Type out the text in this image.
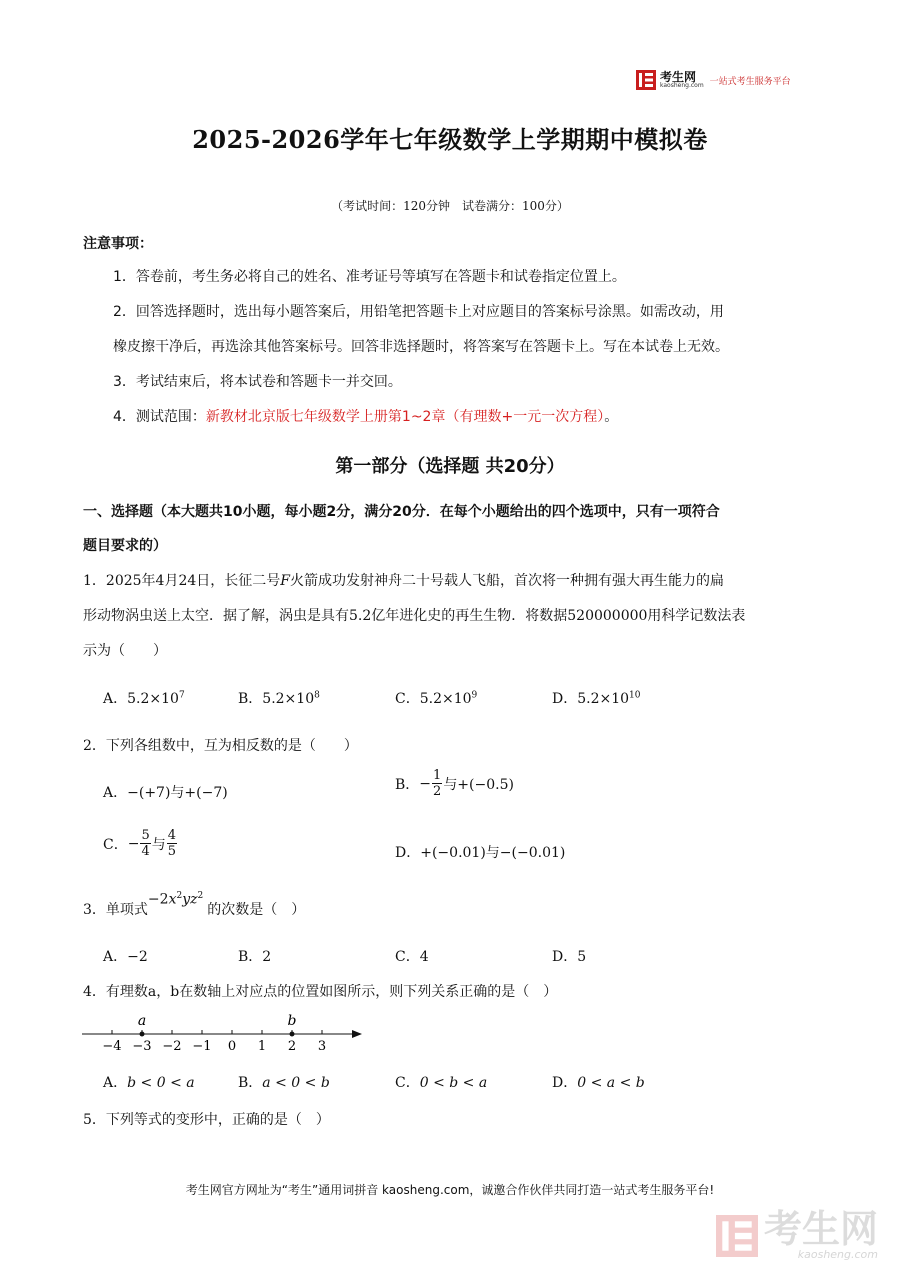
考生网
kaosheng.com 一站式考生服务平台
2025-2026学年七年级数学上学期期中模拟卷
（考试时间：120分钟　试卷满分：100分）
注意事项：
1．答卷前，考生务必将自己的姓名、准考证号等填写在答题卡和试卷指定位置上。
2．回答选择题时，选出每小题答案后，用铅笔把答题卡上对应题目的答案标号涂黑。如需改动，用
橡皮擦干净后，再选涂其他答案标号。回答非选择题时，将答案写在答题卡上。写在本试卷上无效。
3．考试结束后，将本试卷和答题卡一并交回。
4．测试范围：新教材北京版七年级数学上册第1~2章（有理数+一元一次方程）。
第一部分（选择题 共20分）
一、选择题（本大题共10小题，每小题2分，满分20分．在每个小题给出的四个选项中，只有一项符合
题目要求的）
1．2025年4月24日，长征二号F火箭成功发射神舟二十号载人飞船，首次将一种拥有强大再生能力的扁
形动物涡虫送上太空．据了解，涡虫是具有5.2亿年进化史的再生生物．将数据520000000用科学记数法表
示为（　　）
A．$5.2\times 10^7$	B．$5.2\times 10^8$	C．$5.2\times 10^9$	D．$5.2\times 10^{10}$
2．下列各组数中，互为相反数的是（　　）
A．−(+7)与+(−7)
B． − $\frac{1}{2}$ 与+(−0.5)
C． − $\frac{5}{4}$ 与 $\frac{4}{5}$	D．+(−0.01)与−(−0.01)
3．单项式
$-2x^2yz^2$
的次数是（　）
A．−2	B．2	C．4	D．5
4．有理数a，b在数轴上对应点的位置如图所示，则下列关系正确的是（　）
−4 −3 −2 −1 0 1 2 3
a	b
A．b < 0 < a	B．a < 0 < b	C．0 < b < a	D．0 < a < b
5．下列等式的变形中，正确的是（　）
考生网官方网址为“考生”通用词拼音 kaosheng.com，诚邀合作伙伴共同打造一站式考生服务平台!
考生网
kaosheng.com
